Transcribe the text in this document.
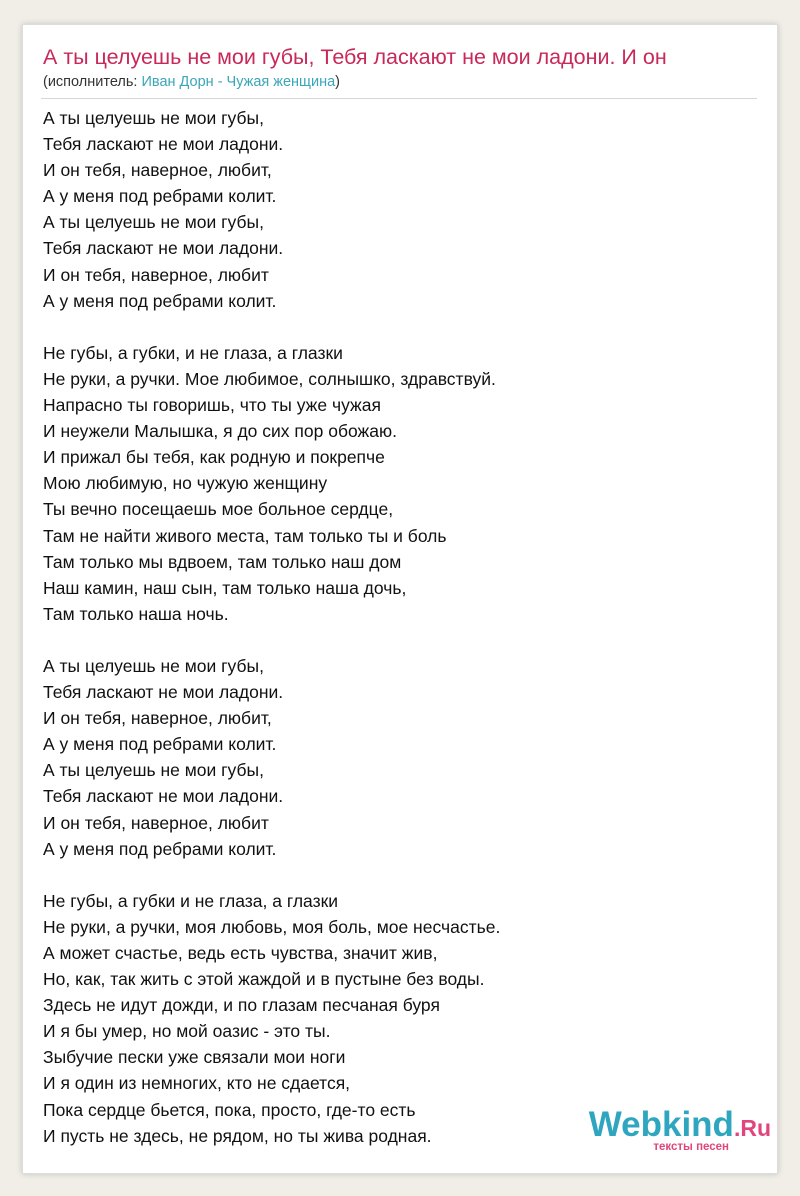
А ты целуешь не мои губы, Тебя ласкают не мои ладони. И он
(исполнитель: Иван Дорн - Чужая женщина)
А ты целуешь не мои губы,
Тебя ласкают не мои ладони.
И он тебя, наверное, любит,
А у меня под ребрами колит.
А ты целуешь не мои губы,
Тебя ласкают не мои ладони.
И он тебя, наверное, любит
А у меня под ребрами колит.
Не губы, а губки, и не глаза, а глазки
Не руки, а ручки. Мое любимое, солнышко, здравствуй.
Напрасно ты говоришь, что ты уже чужая
И неужели Малышка, я до сих пор обожаю.
И прижал бы тебя, как родную и покрепче
Мою любимую, но чужую женщину
Ты вечно посещаешь мое больное сердце,
Там не найти живого места, там только ты и боль
Там только мы вдвоем, там только наш дом
Наш камин, наш сын, там только наша дочь,
Там только наша ночь.
А ты целуешь не мои губы,
Тебя ласкают не мои ладони.
И он тебя, наверное, любит,
А у меня под ребрами колит.
А ты целуешь не мои губы,
Тебя ласкают не мои ладони.
И он тебя, наверное, любит
А у меня под ребрами колит.
Не губы, а губки и не глаза, а глазки
Не руки, а ручки, моя любовь, моя боль, мое несчастье.
А может счастье, ведь есть чувства, значит жив,
Но, как, так жить с этой жаждой и в пустыне без воды.
Здесь не идут дожди, и по глазам песчаная буря
И я бы умер, но мой оазис - это ты.
Зыбучие пески уже связали мои ноги
И я один из немногих, кто не сдается,
Пока сердце бьется, пока, просто, где-то есть
И пусть не здесь, не рядом, но ты жива родная.	Webkind.Ru
тексты песен
